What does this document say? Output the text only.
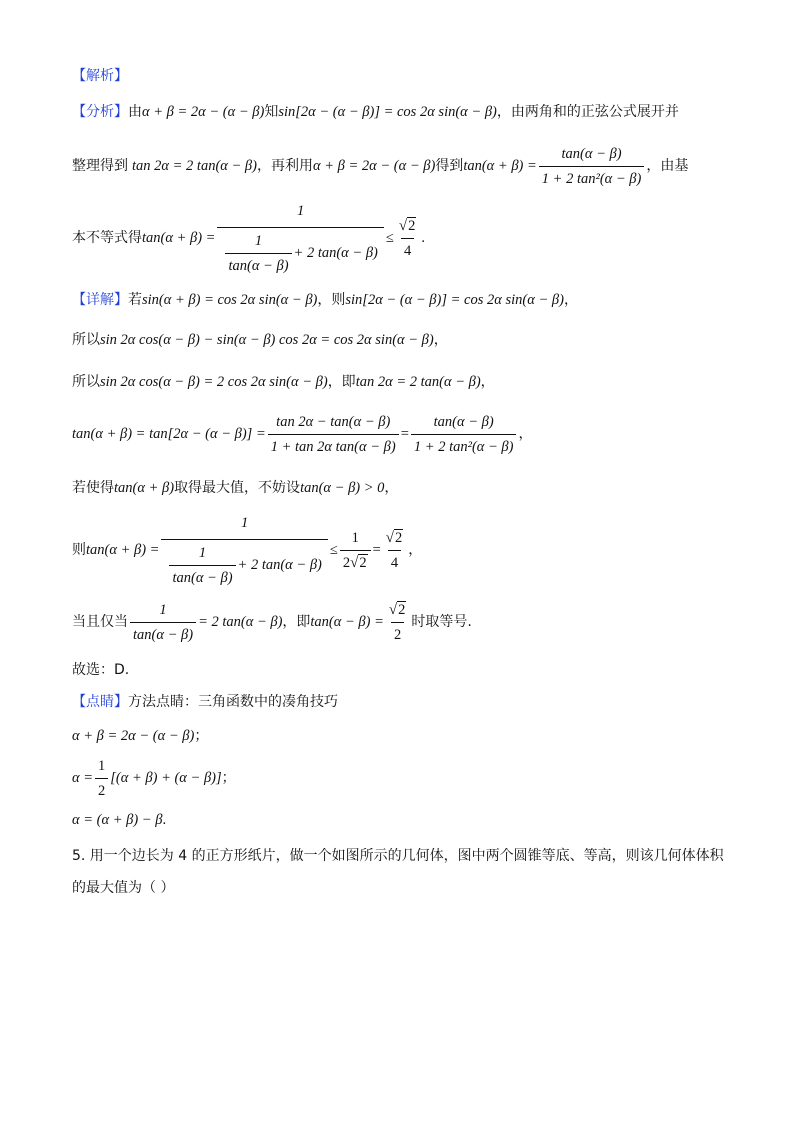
【解析】
【分析】 由 α + β = 2α − (α − β) 知 sin[2α − (α − β)] = cos 2α sin(α − β) ，由两角和的正弦公式展开并
整理得到 tan 2α = 2 tan(α − β) ，再利用 α + β = 2α − (α − β) 得到 $\tan(\alpha + \beta) = \frac{\tan(\alpha - \beta)}{\text{1 + 2 tan²(α − β)}}$ ，由基
本不等式得 $\tan(\alpha + \beta) = \frac{1}{\frac{1}{\tan(\alpha - \beta)} + 2 \tan(\alpha - \beta)} \le \frac{√ 2}{4}$ .
【详解】 若 sin(α + β) = cos 2α sin(α − β) ，则 sin[2α − (α − β)] = cos 2α sin(α − β) ，
所以 sin 2α cos(α − β) − sin(α − β) cos 2α = cos 2α sin(α − β) ，
所以 sin 2α cos(α − β) = 2 cos 2α sin(α − β) ，即 tan 2α = 2 tan(α − β) ，
$\tan(\alpha + \beta) = \tan[2\alpha - (\alpha - \beta)] = \frac{\tan 2\alpha - \tan(\alpha - \beta)}{\text{1 + tan 2α tan(α − β)}} = \frac{\tan(\alpha - \beta)}{\text{1 + 2 tan²(α − β)}}$ ，
若使得 tan(α + β) 取得最大值，不妨设 tan(α − β) > 0 ，
则 $\tan(\alpha + \beta) = \frac{1}{\frac{1}{\tan(\alpha - \beta)} + 2 \tan(\alpha - \beta)} \le \frac{1}{2 √ 2} = \frac{√ 2}{4}$ ，
当且仅当 $\frac{1}{\tan(\alpha - \beta)} = 2$ tan(α − β) ，即 $\tan(\alpha - \beta) = \frac{√ 2}{2}$ 时取等号.
故选：D.
【点睛】 方法点睛：三角函数中的凑角技巧
α + β = 2α − (α − β) ；
$\alpha = \frac{1}{2} [(\alpha + \beta) + (\alpha - \beta)]$ ；
α = (α + β) − β .
5. 用一个边长为 4 的正方形纸片，做一个如图所示的几何体，图中两个圆锥等底、等高，则该几何体体积
的最大值为（ ）
